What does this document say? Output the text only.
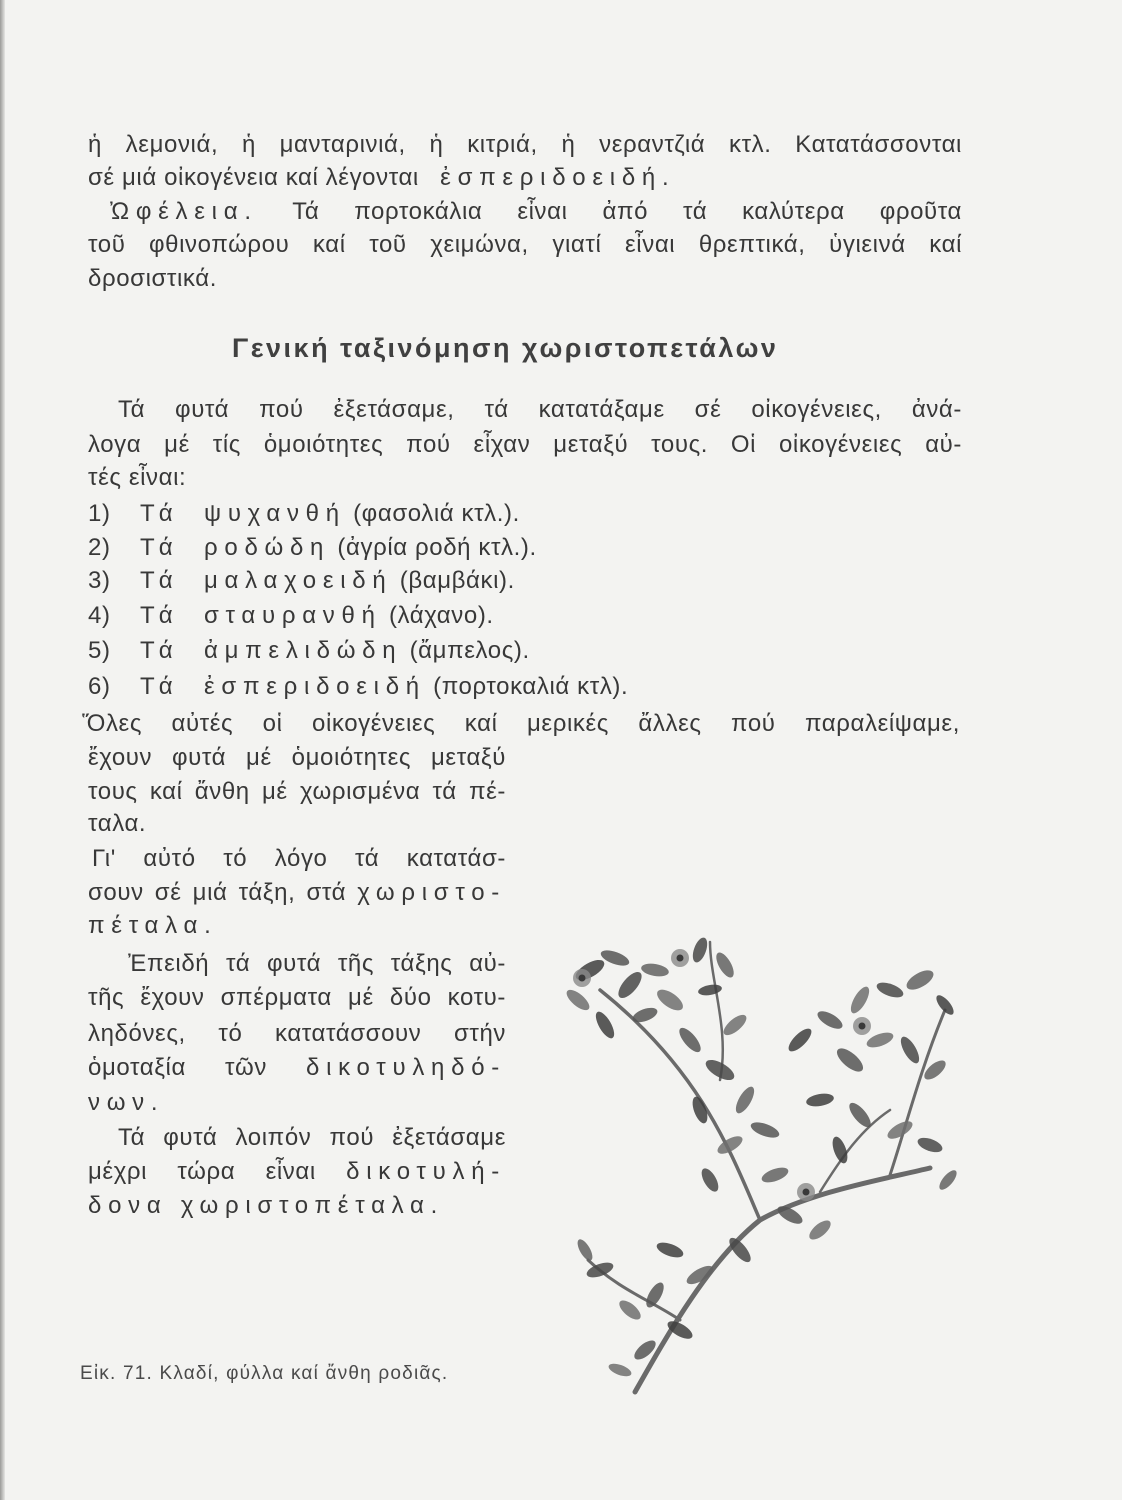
ἡ λεμονιά, ἡ μανταρινιά, ἡ κιτριά, ἡ νεραντζιά κτλ. Κατατάσσονται
σέ μιά οἰκογένεια καί λέγονται ἐσπεριδοειδή.
Ὠφέλεια. Τά πορτοκάλια εἶναι ἀπό τά καλύτερα φροῦτα
τοῦ φθινοπώρου καί τοῦ χειμώνα, γιατί εἶναι θρεπτικά, ὑγιεινά καί
δροσιστικά.
Γενική ταξινόμηση χωριστοπετάλων
Τά φυτά πού ἐξετάσαμε, τά κατατάξαμε σέ οἰκογένειες, ἀνά-
λογα μέ τίς ὁμοιότητες πού εἶχαν μεταξύ τους. Οἱ οἰκογένειες αὐ-
τές εἶναι:
1) Τά ψυχανθή (φασολιά κτλ.).
2) Τά ροδώδη (ἀγρία ροδή κτλ.).
3) Τά μαλαχοειδή (βαμβάκι).
4) Τά σταυρανθή (λάχανο).
5) Τά ἀμπελιδώδη (ἄμπελος).
6) Τά ἐσπεριδοειδή (πορτοκαλιά κτλ).
Ὅλες αὐτές οἱ οἰκογένειες καί μερικές ἄλλες πού παραλείψαμε,
ἔχουν φυτά μέ ὁμοιότητες μεταξύ
τους καί ἄνθη μέ χωρισμένα τά πέ-
ταλα.
Γι' αὐτό τό λόγο τά κατατάσ-
σουν σέ μιά τάξη, στά χωριστο-
πέταλα.
Ἐπειδή τά φυτά τῆς τάξης αὐ-
τῆς ἔχουν σπέρματα μέ δύο κοτυ-
ληδόνες, τό κατατάσσουν στήν
ὁμοταξία τῶν δικοτυληδό-
νων.
Τά φυτά λοιπόν πού ἐξετάσαμε
μέχρι τώρα εἶναι δικοτυλή-
δονα χωριστοπέταλα.
Εἰκ. 71. Κλαδί, φύλλα καί ἄνθη ροδιᾶς.
